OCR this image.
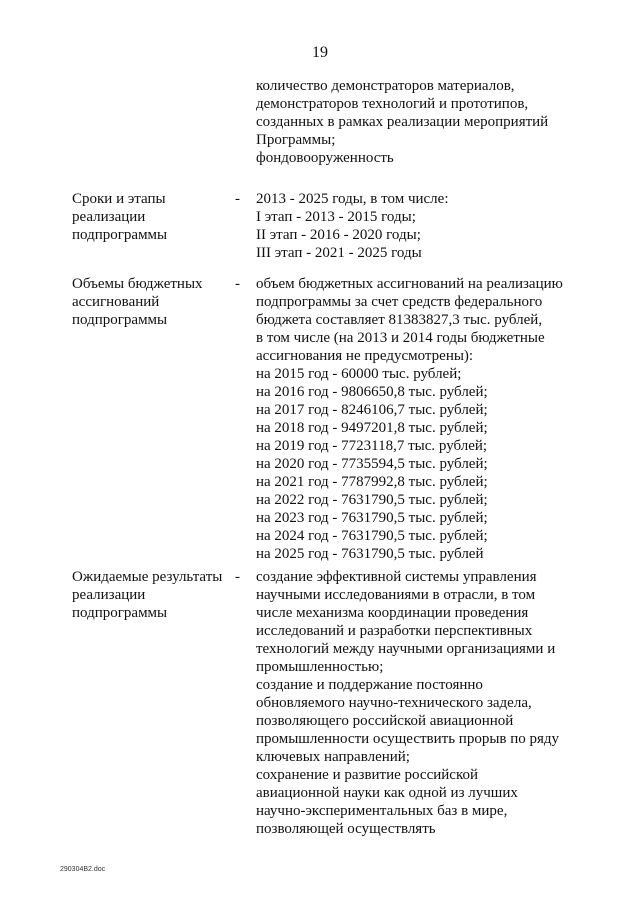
19
количество демонстраторов материалов,
демонстраторов технологий и прототипов,
созданных в рамках реализации мероприятий
Программы;
фондовооруженность
Сроки и этапы
реализации
подпрограммы
- 2013 - 2025 годы, в том числе:
I этап - 2013 - 2015 годы;
II этап - 2016 - 2020 годы;
III этап - 2021 - 2025 годы
Объемы бюджетных
ассигнований
подпрограммы
- объем бюджетных ассигнований на реализацию
подпрограммы за счет средств федерального
бюджета составляет 81383827,3 тыс. рублей,
в том числе (на 2013 и 2014 годы бюджетные
ассигнования не предусмотрены):
на 2015 год - 60000 тыс. рублей;
на 2016 год - 9806650,8 тыс. рублей;
на 2017 год - 8246106,7 тыс. рублей;
на 2018 год - 9497201,8 тыс. рублей;
на 2019 год - 7723118,7 тыс. рублей;
на 2020 год - 7735594,5 тыс. рублей;
на 2021 год - 7787992,8 тыс. рублей;
на 2022 год - 7631790,5 тыс. рублей;
на 2023 год - 7631790,5 тыс. рублей;
на 2024 год - 7631790,5 тыс. рублей;
на 2025 год - 7631790,5 тыс. рублей
Ожидаемые результаты
реализации
подпрограммы
- создание эффективной системы управления
научными исследованиями в отрасли, в том
числе механизма координации проведения
исследований и разработки перспективных
технологий между научными организациями и
промышленностью;
создание и поддержание постоянно
обновляемого научно-технического задела,
позволяющего российской авиационной
промышленности осуществить прорыв по ряду
ключевых направлений;
сохранение и развитие российской
авиационной науки как одной из лучших
научно-экспериментальных баз в мире,
позволяющей осуществлять
290304B2.doc
